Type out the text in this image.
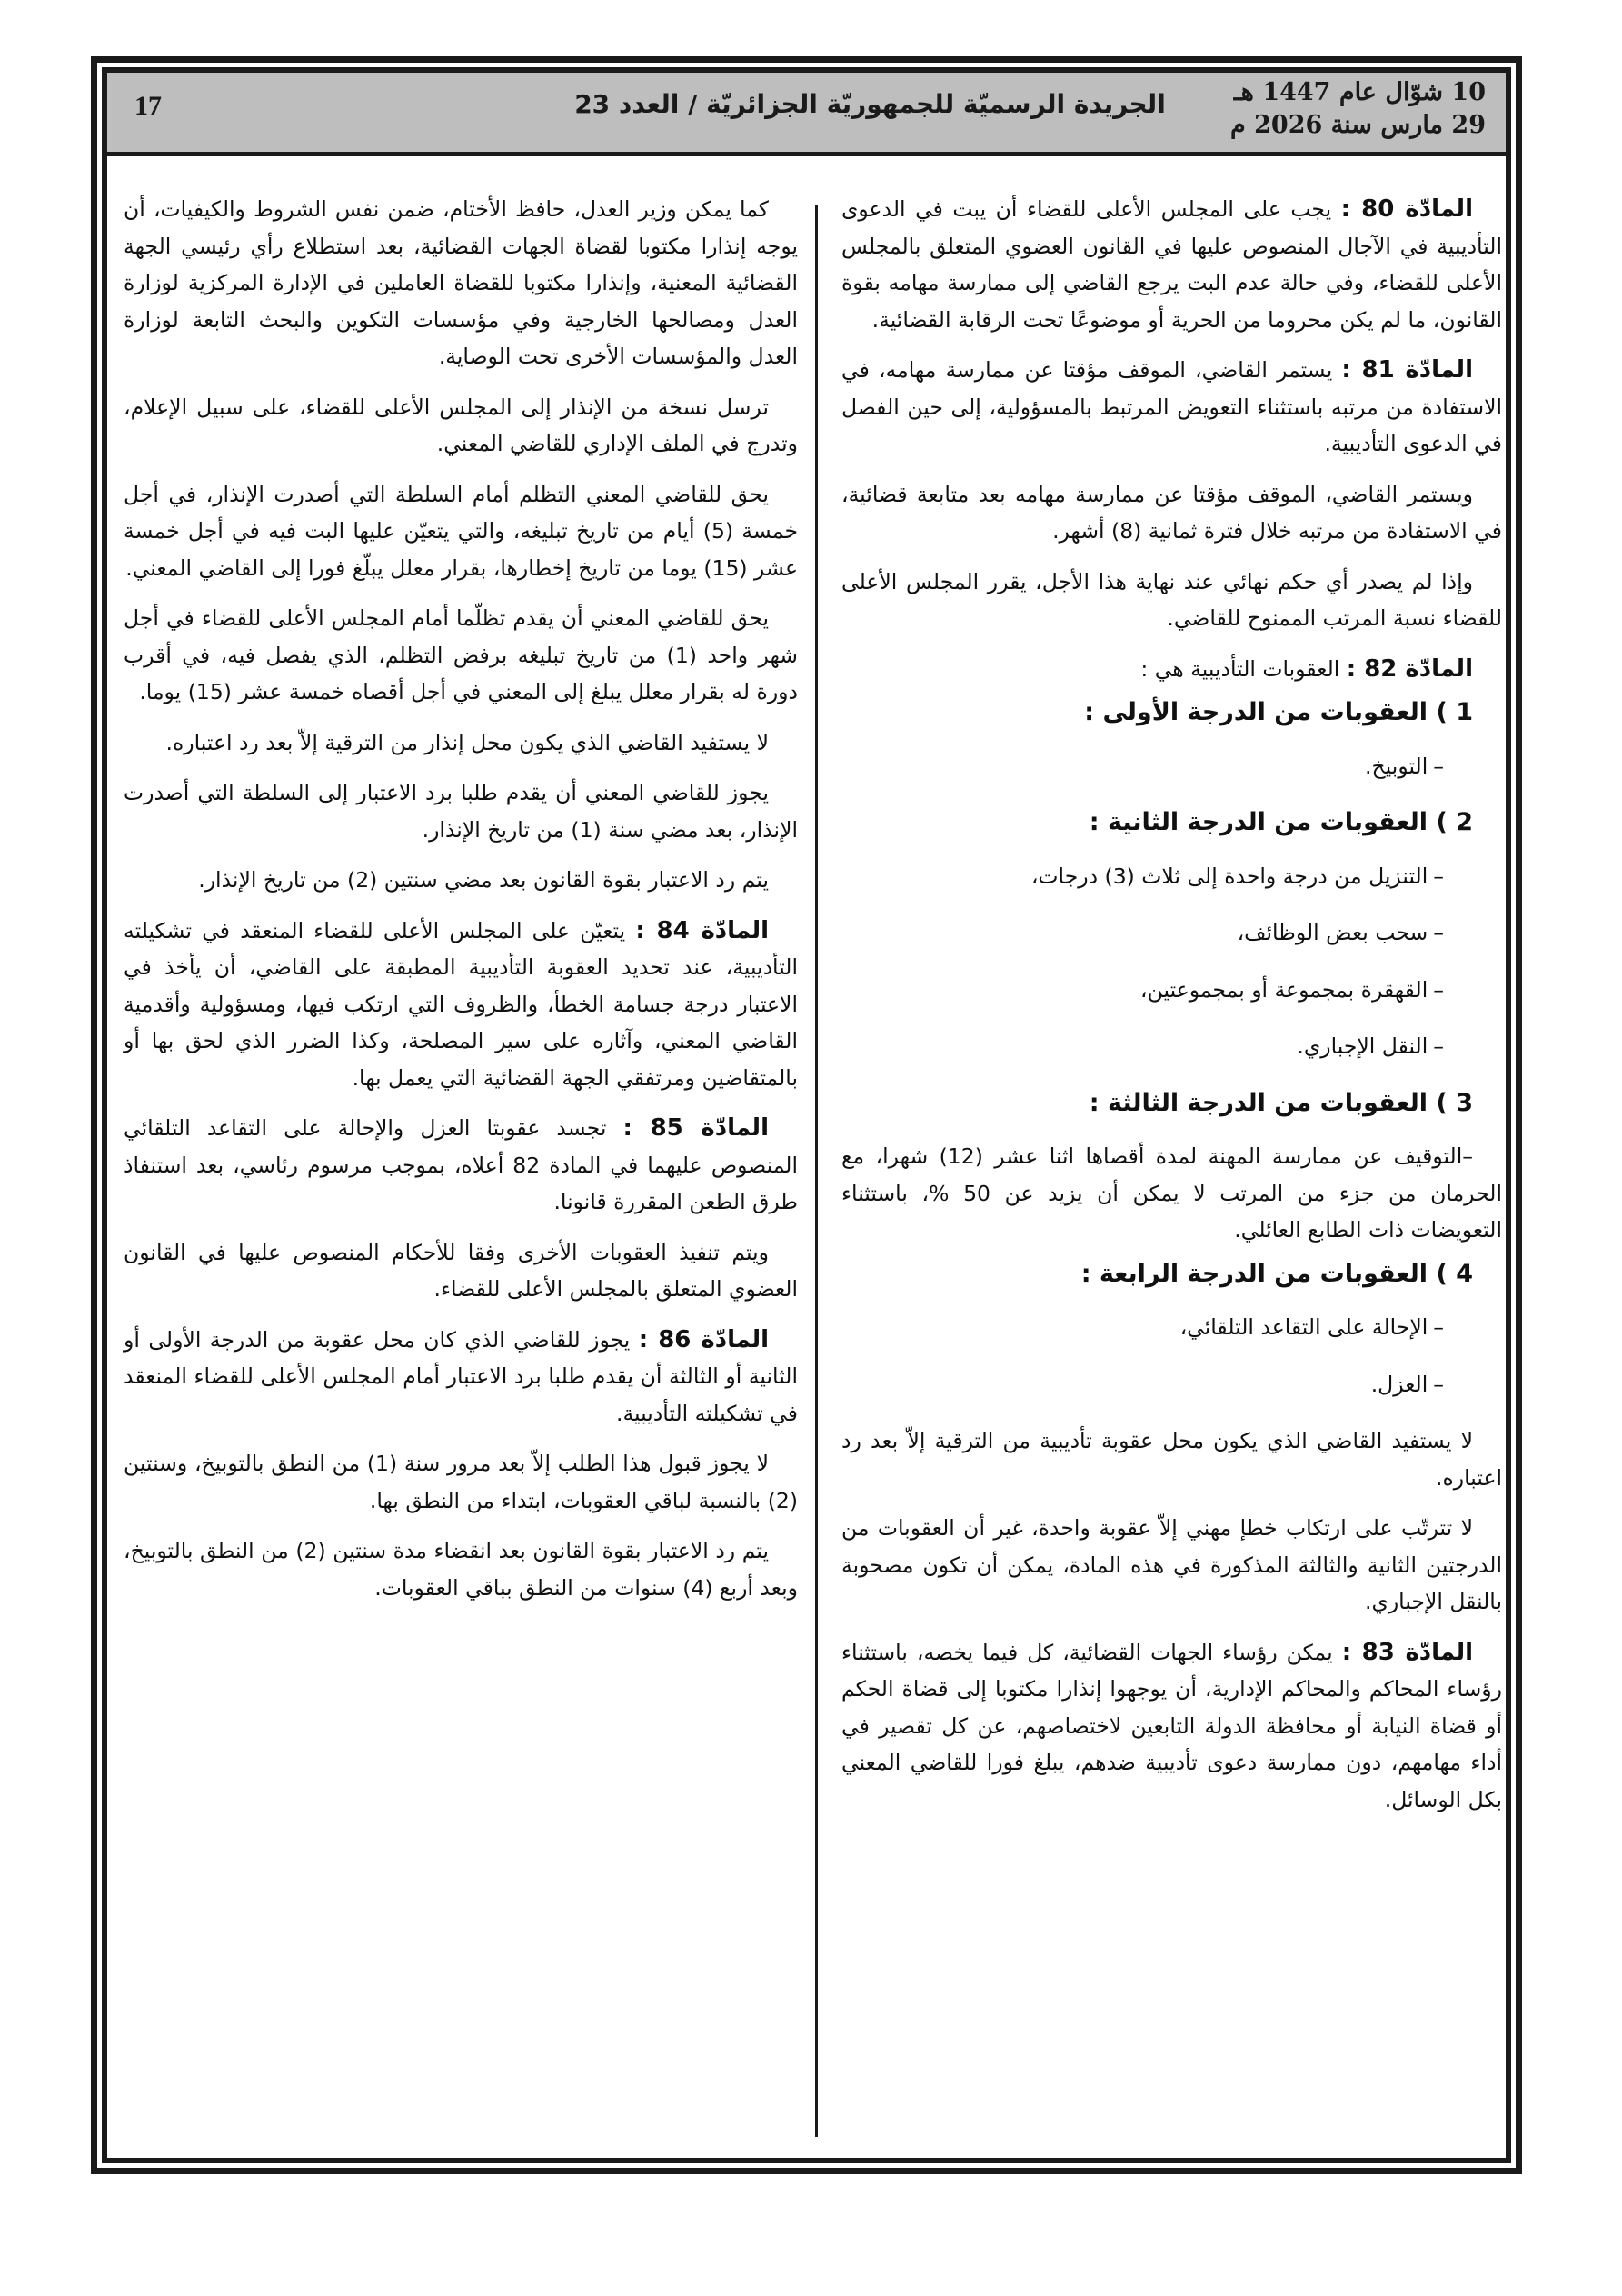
10 شوّال عام 1447 هـ
29 مارس سنة 2026 م
الجريدة الرسميّة للجمهوريّة الجزائريّة / العدد 23
17

المادّة 80 : يجب على المجلس الأعلى للقضاء أن يبت في الدعوى التأديبية في الآجال المنصوص عليها في القانون العضوي المتعلق بالمجلس الأعلى للقضاء، وفي حالة عدم البت يرجع القاضي إلى ممارسة مهامه بقوة القانون، ما لم يكن محروما من الحرية أو موضوعًا تحت الرقابة القضائية.

المادّة 81 : يستمر القاضي، الموقف مؤقتا عن ممارسة مهامه، في الاستفادة من مرتبه باستثناء التعويض المرتبط بالمسؤولية، إلى حين الفصل في الدعوى التأديبية.

ويستمر القاضي، الموقف مؤقتا عن ممارسة مهامه بعد متابعة قضائية، في الاستفادة من مرتبه خلال فترة ثمانية (8) أشهر.

وإذا لم يصدر أي حكم نهائي عند نهاية هذا الأجل، يقرر المجلس الأعلى للقضاء نسبة المرتب الممنوح للقاضي.

المادّة 82 : العقوبات التأديبية هي :

1 ) العقوبات من الدرجة الأولى :
–التوبيخ.
2 ) العقوبات من الدرجة الثانية :
–التنزيل من درجة واحدة إلى ثلاث (3) درجات،
–سحب بعض الوظائف،
–القهقرة بمجموعة أو بمجموعتين،
–النقل الإجباري.
3 ) العقوبات من الدرجة الثالثة :

–التوقيف عن ممارسة المهنة لمدة أقصاها اثنا عشر (12) شهرا، مع الحرمان من جزء من المرتب لا يمكن أن يزيد عن 50 %، باستثناء التعويضات ذات الطابع العائلي.

4 ) العقوبات من الدرجة الرابعة :
–الإحالة على التقاعد التلقائي،
–العزل.

لا يستفيد القاضي الذي يكون محل عقوبة تأديبية من الترقية إلاّ بعد رد اعتباره.

لا تترتّب على ارتكاب خطإ مهني إلاّ عقوبة واحدة، غير أن العقوبات من الدرجتين الثانية والثالثة المذكورة في هذه المادة، يمكن أن تكون مصحوبة بالنقل الإجباري.

المادّة 83 : يمكن رؤساء الجهات القضائية، كل فيما يخصه، باستثناء رؤساء المحاكم والمحاكم الإدارية، أن يوجهوا إنذارا مكتوبا إلى قضاة الحكم أو قضاة النيابة أو محافظة الدولة التابعين لاختصاصهم، عن كل تقصير في أداء مهامهم، دون ممارسة دعوى تأديبية ضدهم، يبلغ فورا للقاضي المعني بكل الوسائل.

كما يمكن وزير العدل، حافظ الأختام، ضمن نفس الشروط والكيفيات، أن يوجه إنذارا مكتوبا لقضاة الجهات القضائية، بعد استطلاع رأي رئيسي الجهة القضائية المعنية، وإنذارا مكتوبا للقضاة العاملين في الإدارة المركزية لوزارة العدل ومصالحها الخارجية وفي مؤسسات التكوين والبحث التابعة لوزارة العدل والمؤسسات الأخرى تحت الوصاية.

ترسل نسخة من الإنذار إلى المجلس الأعلى للقضاء، على سبيل الإعلام، وتدرج في الملف الإداري للقاضي المعني.

يحق للقاضي المعني التظلم أمام السلطة التي أصدرت الإنذار، في أجل خمسة (5) أيام من تاريخ تبليغه، والتي يتعيّن عليها البت فيه في أجل خمسة عشر (15) يوما من تاريخ إخطارها، بقرار معلل يبلّغ فورا إلى القاضي المعني.

يحق للقاضي المعني أن يقدم تظلّما أمام المجلس الأعلى للقضاء في أجل شهر واحد (1) من تاريخ تبليغه برفض التظلم، الذي يفصل فيه، في أقرب دورة له بقرار معلل يبلغ إلى المعني في أجل أقصاه خمسة عشر (15) يوما.

لا يستفيد القاضي الذي يكون محل إنذار من الترقية إلاّ بعد رد اعتباره.

يجوز للقاضي المعني أن يقدم طلبا برد الاعتبار إلى السلطة التي أصدرت الإنذار، بعد مضي سنة (1) من تاريخ الإنذار.

يتم رد الاعتبار بقوة القانون بعد مضي سنتين (2) من تاريخ الإنذار.

المادّة 84 : يتعيّن على المجلس الأعلى للقضاء المنعقد في تشكيلته التأديبية، عند تحديد العقوبة التأديبية المطبقة على القاضي، أن يأخذ في الاعتبار درجة جسامة الخطأ، والظروف التي ارتكب فيها، ومسؤولية وأقدمية القاضي المعني، وآثاره على سير المصلحة، وكذا الضرر الذي لحق بها أو بالمتقاضين ومرتفقي الجهة القضائية التي يعمل بها.

المادّة 85 : تجسد عقوبتا العزل والإحالة على التقاعد التلقائي المنصوص عليهما في المادة 82 أعلاه، بموجب مرسوم رئاسي، بعد استنفاذ طرق الطعن المقررة قانونا.

ويتم تنفيذ العقوبات الأخرى وفقا للأحكام المنصوص عليها في القانون العضوي المتعلق بالمجلس الأعلى للقضاء.

المادّة 86 : يجوز للقاضي الذي كان محل عقوبة من الدرجة الأولى أو الثانية أو الثالثة أن يقدم طلبا برد الاعتبار أمام المجلس الأعلى للقضاء المنعقد في تشكيلته التأديبية.

لا يجوز قبول هذا الطلب إلاّ بعد مرور سنة (1) من النطق بالتوبيخ، وسنتين (2) بالنسبة لباقي العقوبات، ابتداء من النطق بها.

يتم رد الاعتبار بقوة القانون بعد انقضاء مدة سنتين (2) من النطق بالتوبيخ، وبعد أربع (4) سنوات من النطق بباقي العقوبات.
